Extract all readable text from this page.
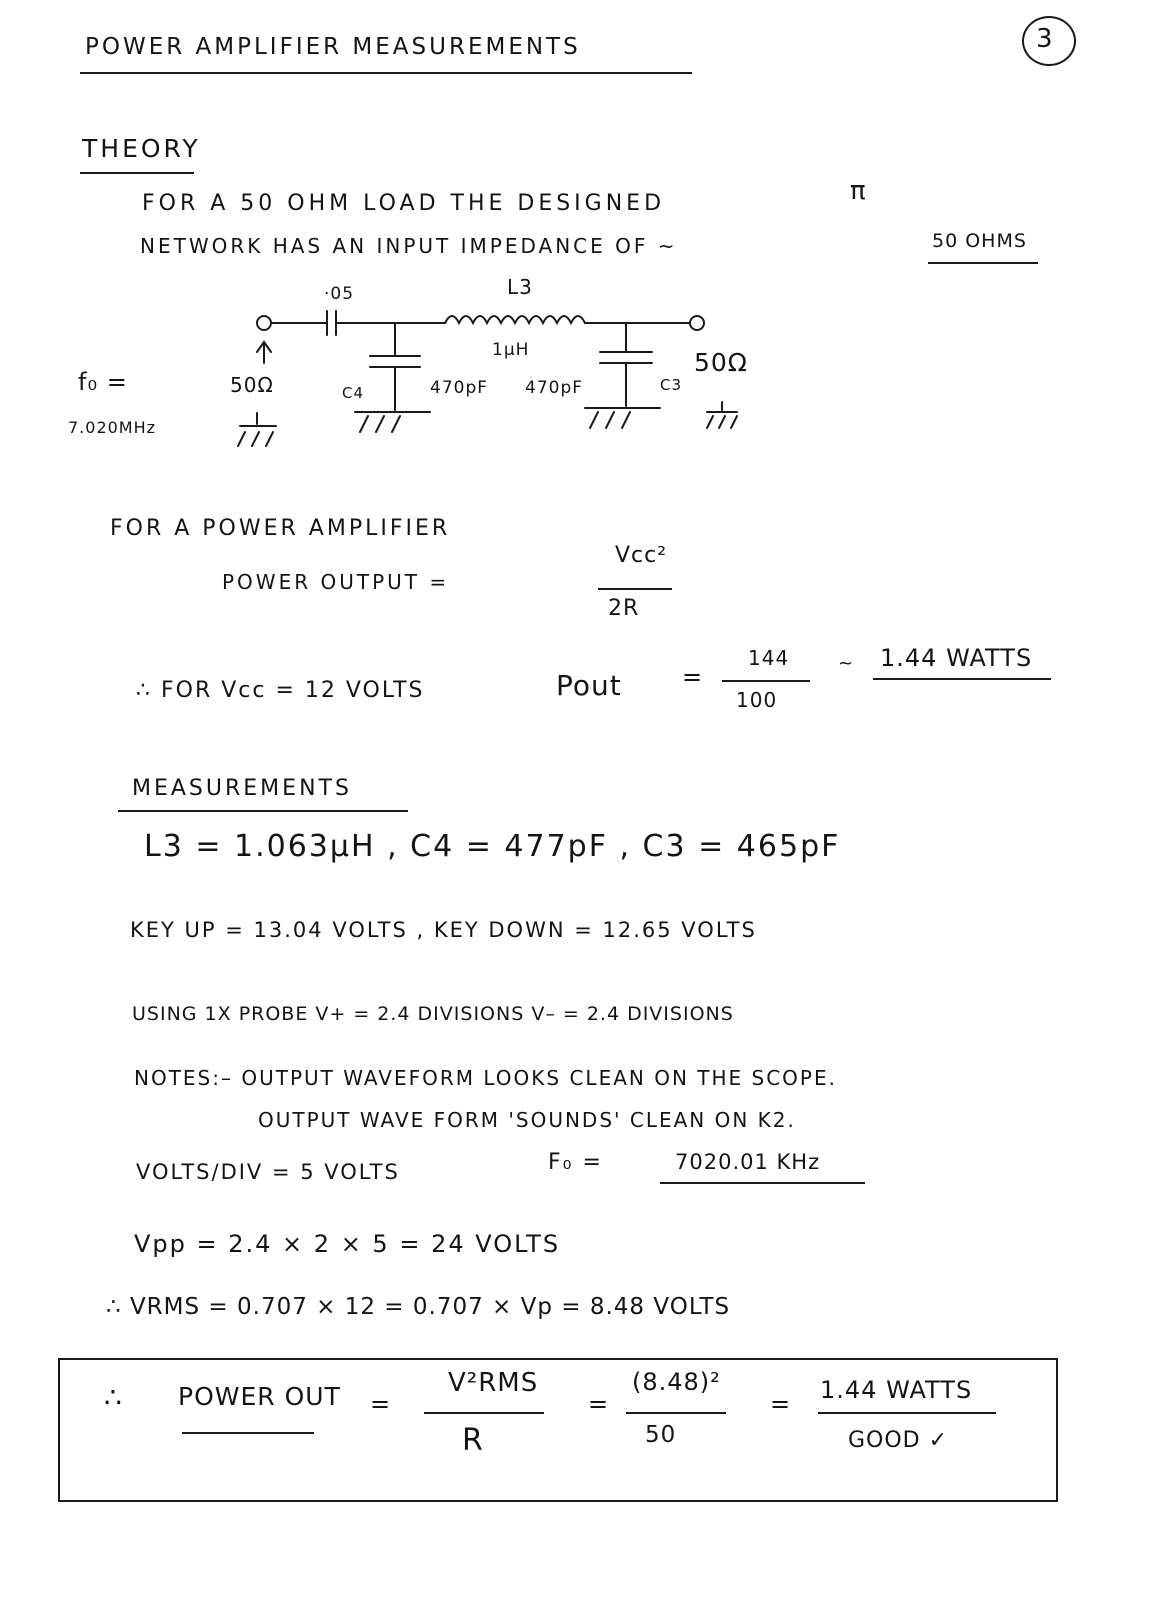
POWER AMPLIFIER MEASUREMENTS	3
THEORY
FOR A 50 OHM LOAD THE DESIGNED	π
NETWORK HAS AN INPUT IMPEDANCE OF ~	50 OHMS
·05	L3
1μH
50Ω
50Ω
f₀ =
7.020MHz
C4	470pF 470pF	C3
FOR A POWER AMPLIFIER
POWER OUTPUT =
Vcc²
2R
∴ FOR Vcc = 12 VOLTS	Pout	=
144
100
~ 1.44 WATTS
MEASUREMENTS
L3 = 1.063μH , C4 = 477pF , C3 = 465pF
KEY UP = 13.04 VOLTS , KEY DOWN = 12.65 VOLTS
USING 1X PROBE V+ = 2.4 DIVISIONS V– = 2.4 DIVISIONS
NOTES:– OUTPUT WAVEFORM LOOKS CLEAN ON THE SCOPE.
OUTPUT WAVE FORM 'SOUNDS' CLEAN ON K2.
VOLTS/DIV = 5 VOLTS	F₀ =	7020.01 KHz
Vpp = 2.4 × 2 × 5 = 24 VOLTS
∴ VRMS = 0.707 × 12 = 0.707 × Vp = 8.48 VOLTS
∴ POWER OUT =
V²RMS
R
=
(8.48)²
50
= 1.44 WATTS
GOOD ✓
